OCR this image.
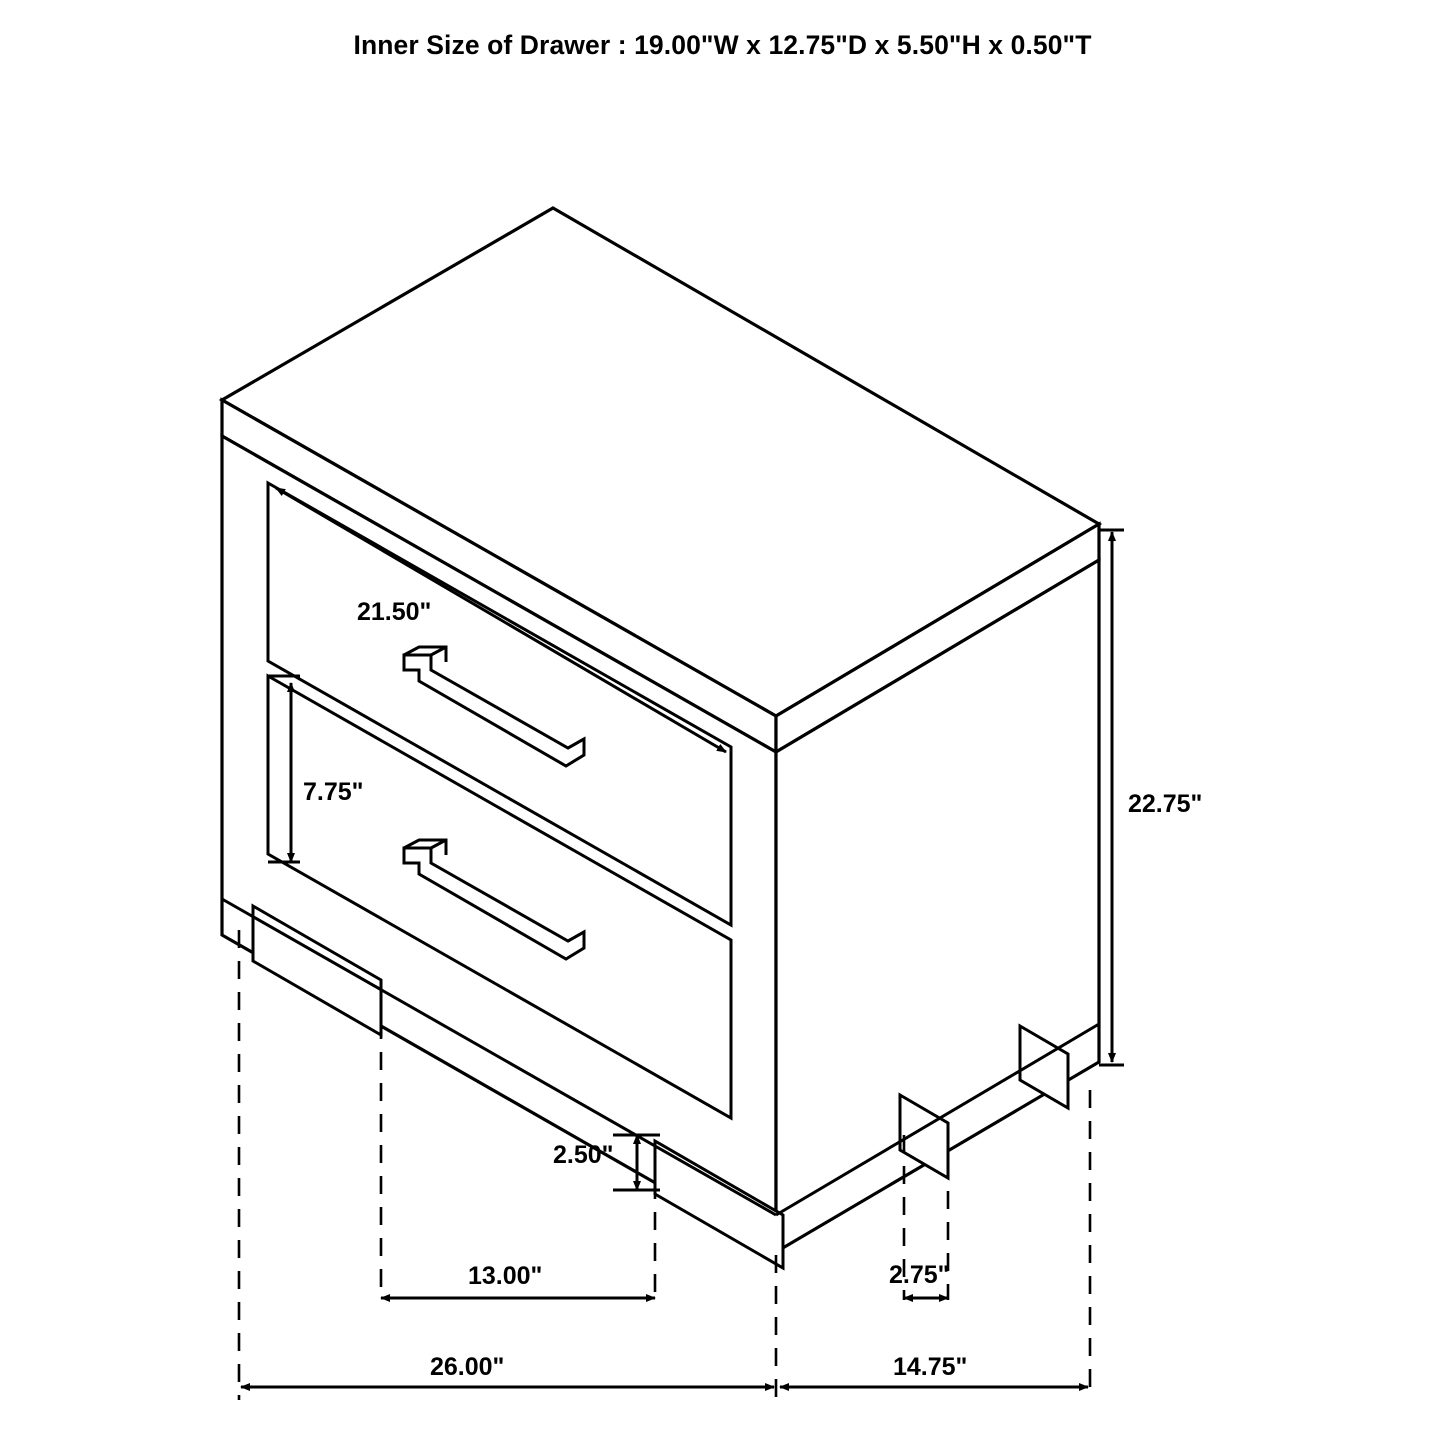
Inner Size of Drawer : 19.00"W x 12.75"D x 5.50"H x 0.50"T
21.50"
7.75"	22.75"
2.50"
13.00"	2.75"
26.00"	14.75"
